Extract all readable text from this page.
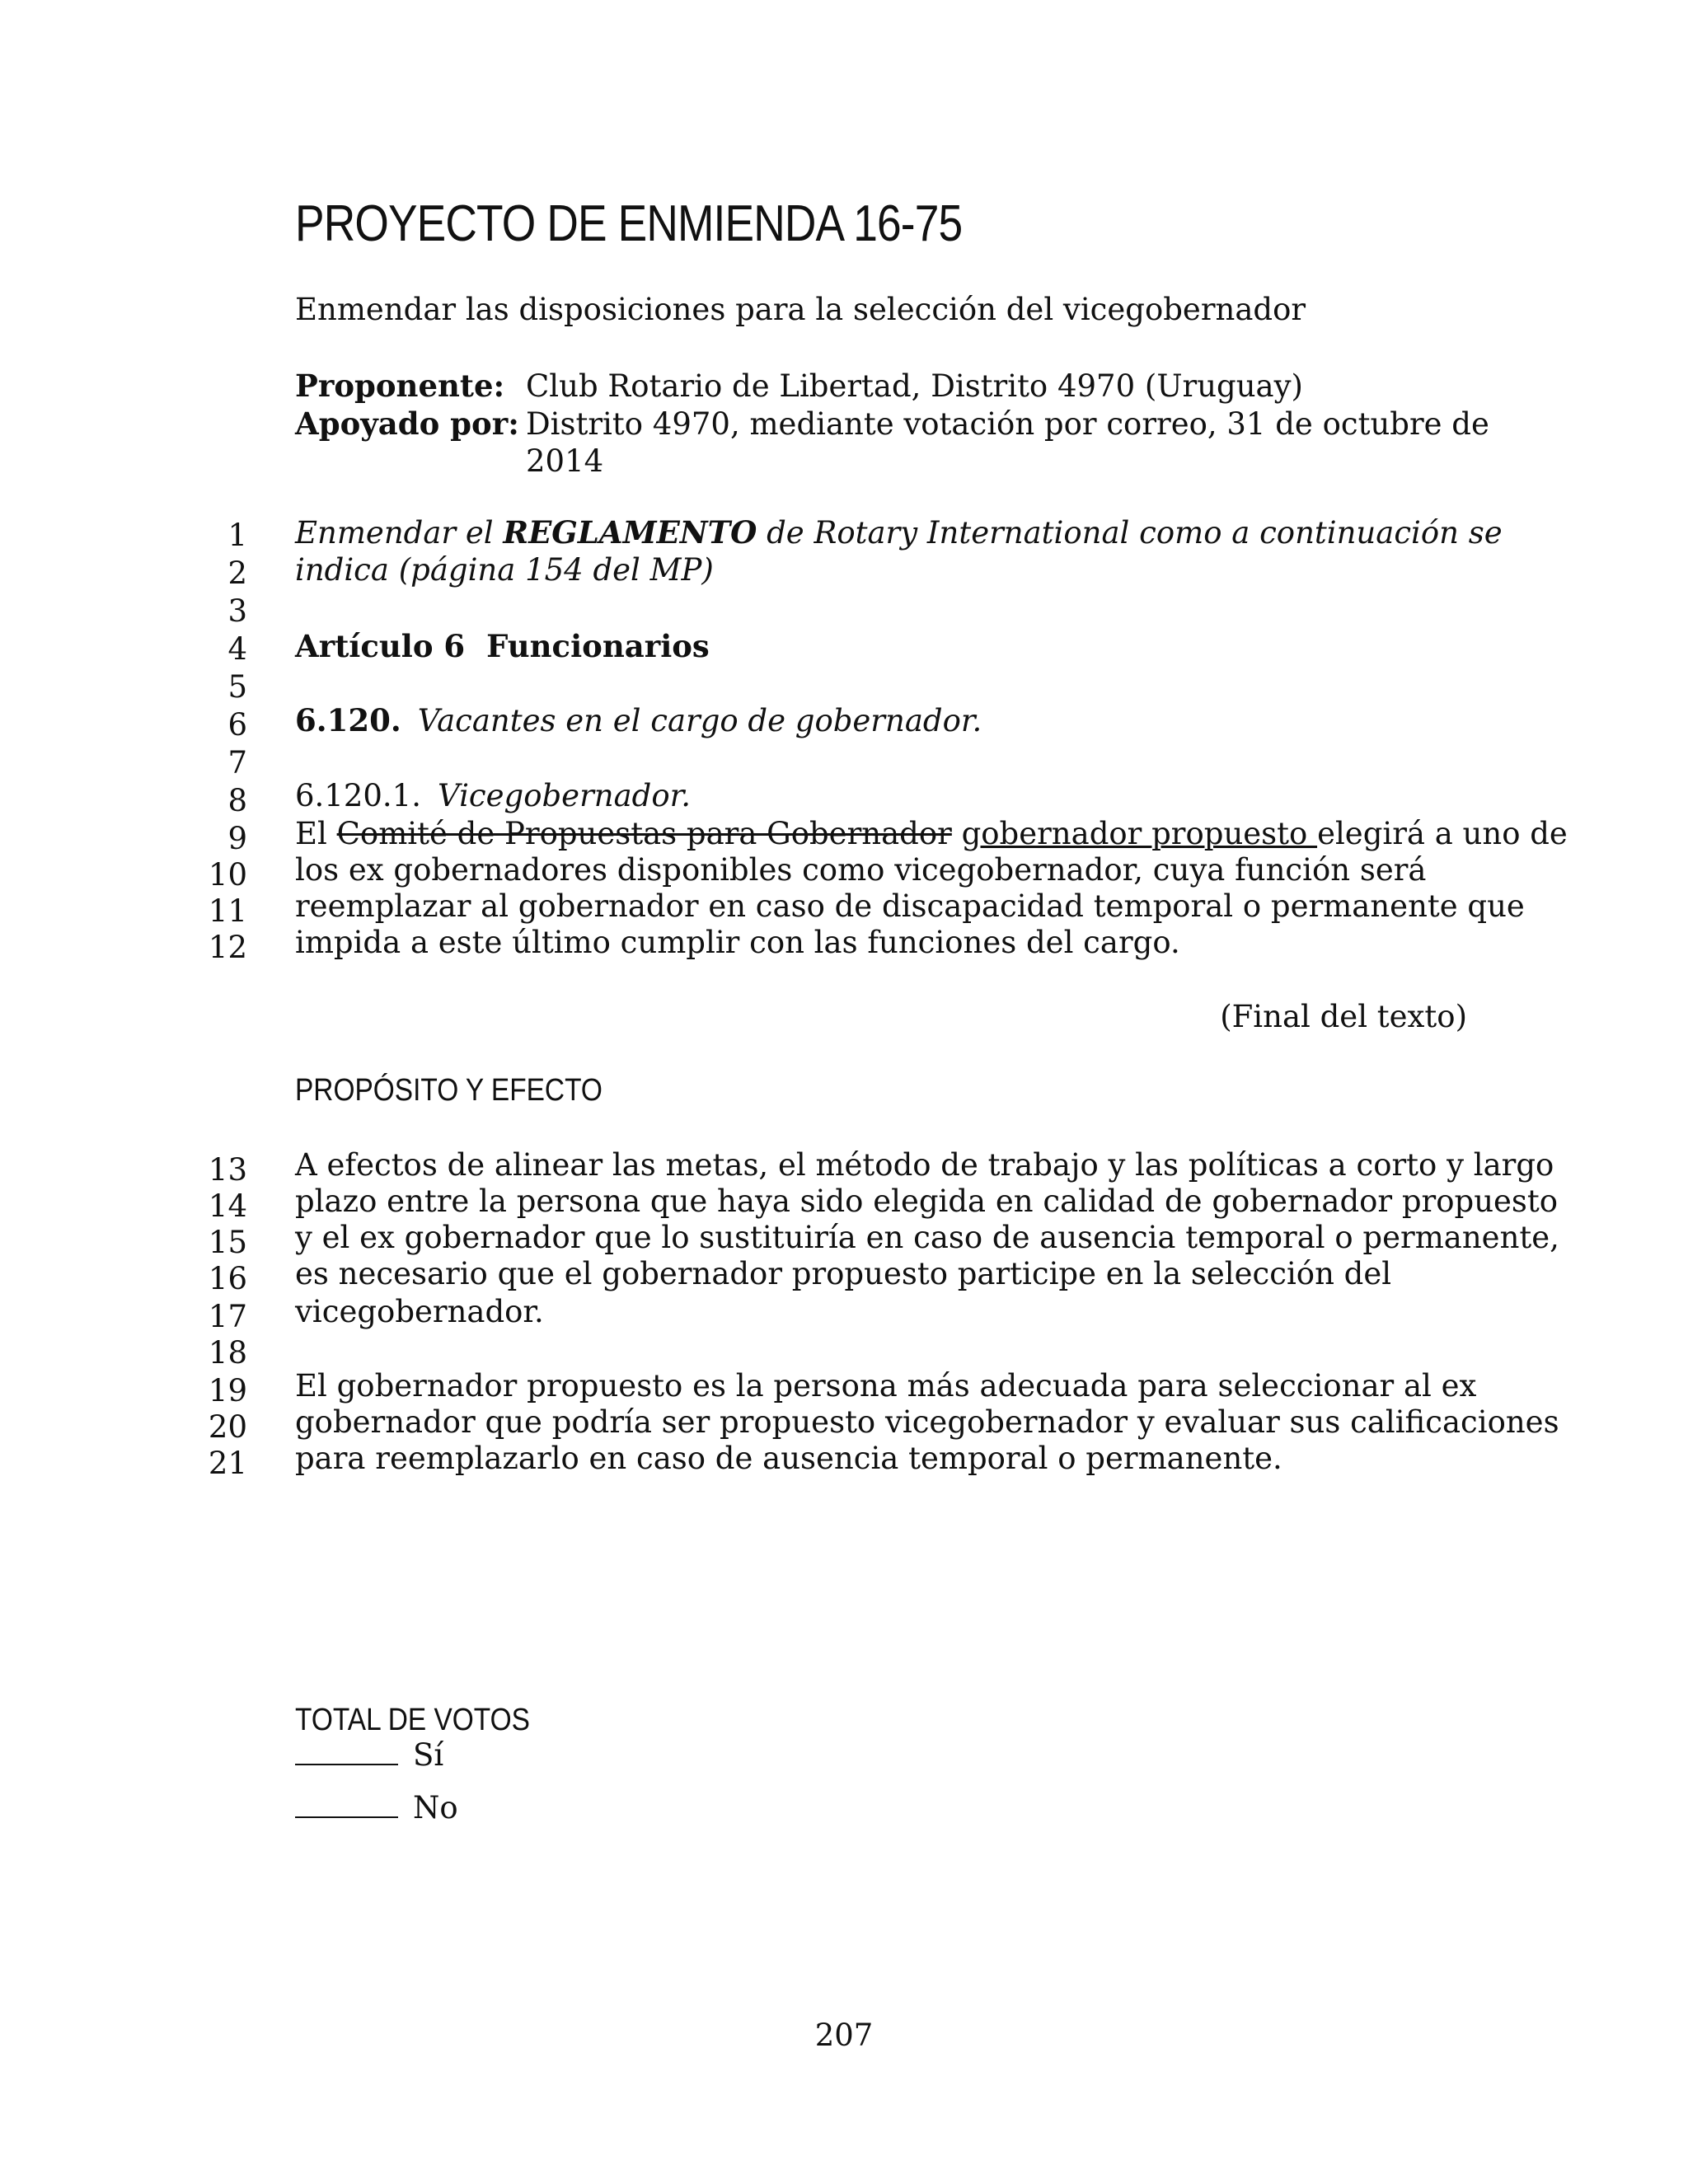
PROYECTO DE ENMIENDA 16-75
Enmendar las disposiciones para la selección del vicegobernador
Proponente: Club Rotario de Libertad, Distrito 4970 (Uruguay)
Apoyado por: Distrito 4970, mediante votación por correo, 31 de octubre de
2014
1
2
3
4
5
6
7
8
9
10
11
12
Enmendar el REGLAMENTO de Rotary International como a continuación se
indica (página 154 del MP)
Artículo 6 Funcionarios
6.120. Vacantes en el cargo de gobernador.
6.120.1. Vicegobernador.
El Comité de Propuestas para Gobernador gobernador propuesto elegirá a uno de
los ex gobernadores disponibles como vicegobernador, cuya función será
reemplazar al gobernador en caso de discapacidad temporal o permanente que
impida a este último cumplir con las funciones del cargo.
(Final del texto)
PROPÓSITO Y EFECTO
13
14
15
16
17
18
19
20
21
A efectos de alinear las metas, el método de trabajo y las políticas a corto y largo
plazo entre la persona que haya sido elegida en calidad de gobernador propuesto
y el ex gobernador que lo sustituiría en caso de ausencia temporal o permanente,
es necesario que el gobernador propuesto participe en la selección del
vicegobernador.
El gobernador propuesto es la persona más adecuada para seleccionar al ex
gobernador que podría ser propuesto vicegobernador y evaluar sus calificaciones
para reemplazarlo en caso de ausencia temporal o permanente.
TOTAL DE VOTOS
Sí
No
207
